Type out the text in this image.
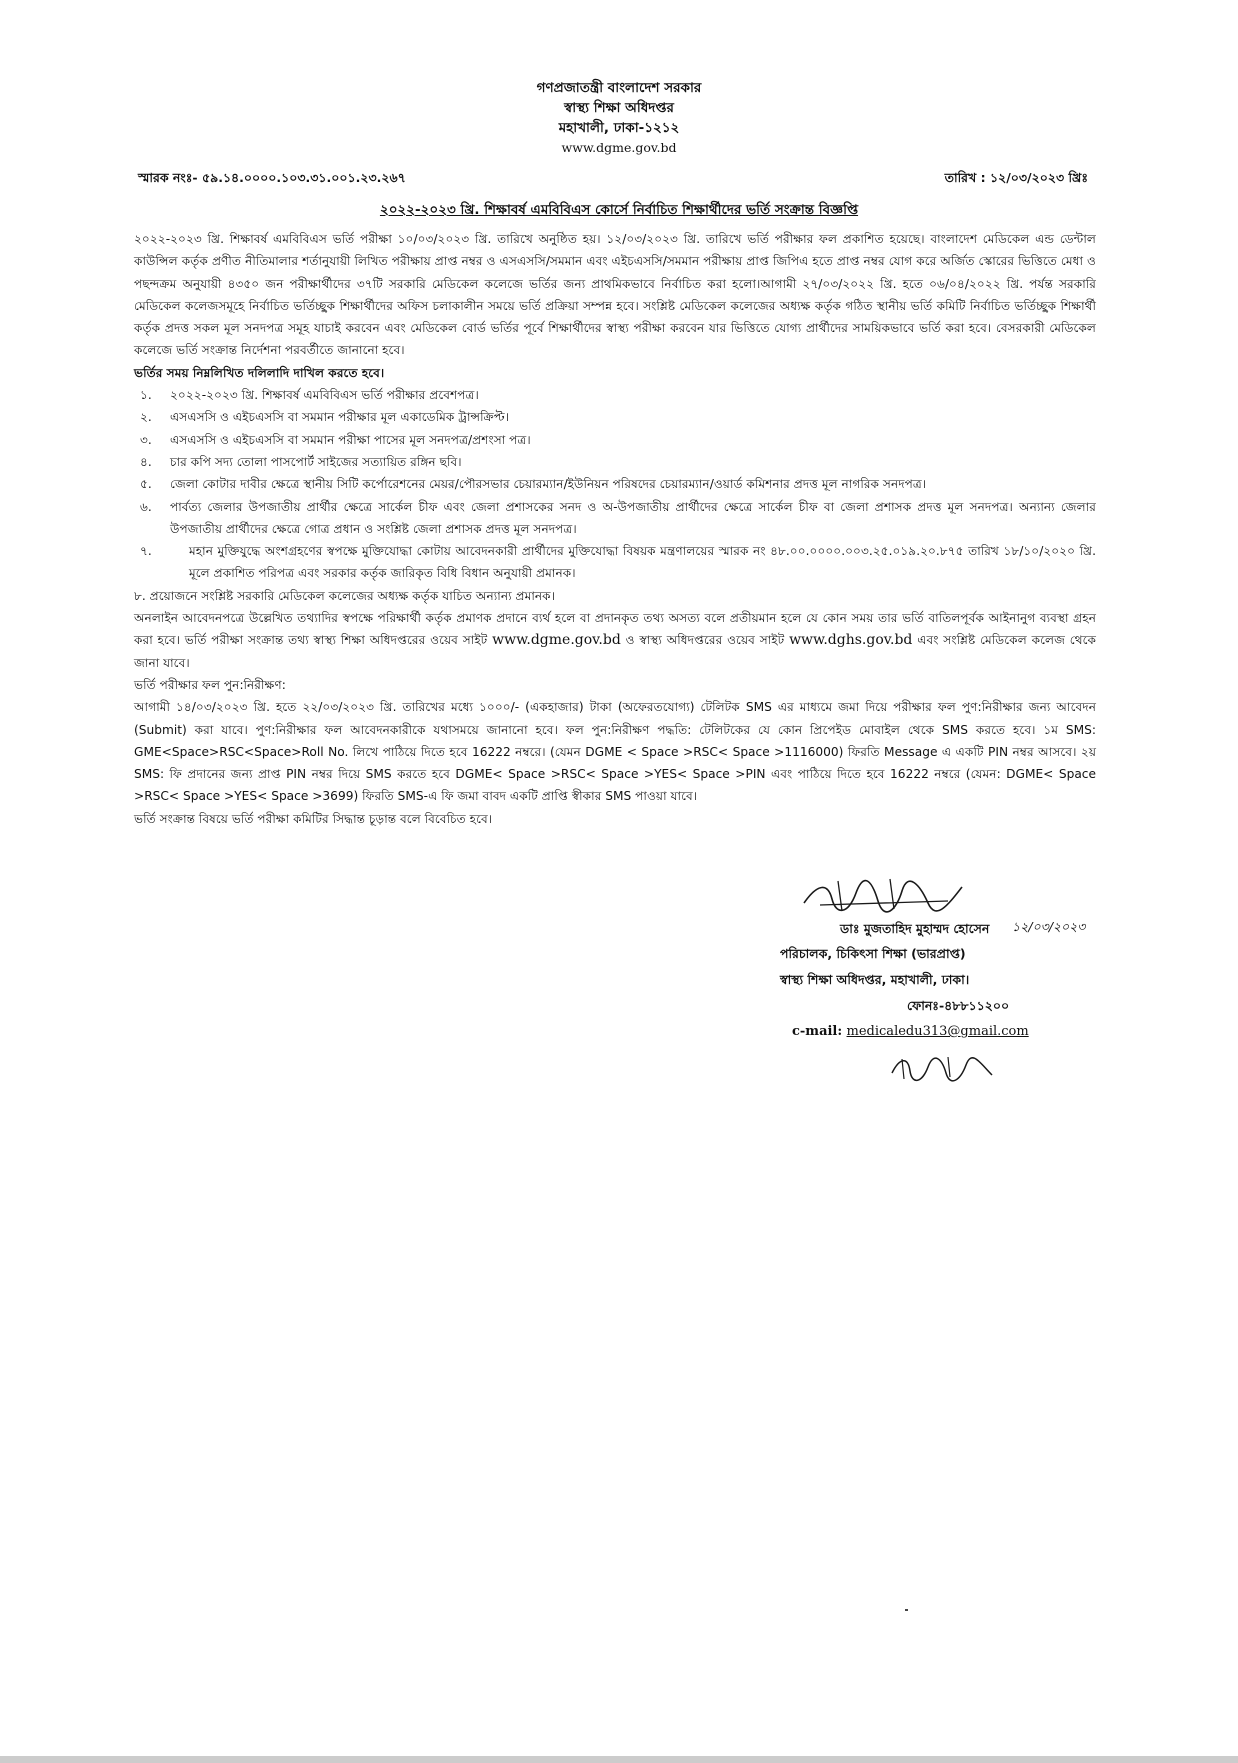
গণপ্রজাতন্ত্রী বাংলাদেশ সরকার
স্বাস্থ্য শিক্ষা অধিদপ্তর
মহাখালী, ঢাকা-১২১২
www.dgme.gov.bd
স্মারক নংঃ- ৫৯.১৪.০০০০.১০৩.৩১.০০১.২৩.২৬৭	তারিখ : ১২/০৩/২০২৩ খ্রিঃ
২০২২-২০২৩ খ্রি. শিক্ষাবর্ষ এমবিবিএস কোর্সে নির্বাচিত শিক্ষার্থীদের ভর্তি সংক্রান্ত বিজ্ঞপ্তি

২০২২-২০২৩ খ্রি. শিক্ষাবর্ষ এমবিবিএস ভর্তি পরীক্ষা ১০/০৩/২০২৩ খ্রি. তারিখে অনুষ্ঠিত হয়। ১২/০৩/২০২৩ খ্রি. তারিখে ভর্তি পরীক্ষার ফল প্রকাশিত হয়েছে। বাংলাদেশ মেডিকেল এন্ড ডেন্টাল কাউন্সিল কর্তৃক প্রণীত নীতিমালার শর্তানুযায়ী লিখিত পরীক্ষায় প্রাপ্ত নম্বর ও এসএসসি/সমমান এবং এইচএসসি/সমমান পরীক্ষায় প্রাপ্ত জিপিএ হতে প্রাপ্ত নম্বর যোগ করে অর্জিত স্কোরের ভিত্তিতে মেধা ও পছন্দক্রম অনুযায়ী ৪৩৫০ জন পরীক্ষার্থীদের ৩৭টি সরকারি মেডিকেল কলেজে ভর্তির জন্য প্রাথমিকভাবে নির্বাচিত করা হলো।আগামী ২৭/০৩/২০২২ খ্রি. হতে ০৬/০৪/২০২২ খ্রি. পর্যন্ত সরকারি মেডিকেল কলেজসমূহে নির্বাচিত ভর্তিচ্ছুক শিক্ষার্থীদের অফিস চলাকালীন সময়ে ভর্তি প্রক্রিয়া সম্পন্ন হবে। সংশ্লিষ্ট মেডিকেল কলেজের অধ্যক্ষ কর্তৃক গঠিত স্থানীয় ভর্তি কমিটি নির্বাচিত ভর্তিচ্ছুক শিক্ষার্থী কর্তৃক প্রদত্ত সকল মূল সনদপত্র সমূহ যাচাই করবেন এবং মেডিকেল বোর্ড ভর্তির পূর্বে শিক্ষার্থীদের স্বাস্থ্য পরীক্ষা করবেন যার ভিত্তিতে যোগ্য প্রার্থীদের সাময়িকভাবে ভর্তি করা হবে। বেসরকারী মেডিকেল কলেজে ভর্তি সংক্রান্ত নির্দেশনা পরবর্তীতে জানানো হবে।

ভর্তির সময় নিম্নলিখিত দলিলাদি দাখিল করতে হবে।

১. ২০২২-২০২৩ খ্রি. শিক্ষাবর্ষ এমবিবিএস ভর্তি পরীক্ষার প্রবেশপত্র।
২. এসএসসি ও এইচএসসি বা সমমান পরীক্ষার মূল একাডেমিক ট্রান্সক্রিপ্ট।
৩. এসএসসি ও এইচএসসি বা সমমান পরীক্ষা পাসের মূল সনদপত্র/প্রশংসা পত্র।
৪. চার কপি সদ্য তোলা পাসপোর্ট সাইজের সত্যায়িত রঙ্গিন ছবি।
৫. জেলা কোটার দাবীর ক্ষেত্রে স্থানীয় সিটি কর্পোরেশনের মেয়র/পৌরসভার চেয়ারম্যান/ইউনিয়ন পরিষদের চেয়ারম্যান/ওয়ার্ড কমিশনার প্রদত্ত মূল নাগরিক সনদপত্র।
৬. পার্বত্য জেলার উপজাতীয় প্রার্থীর ক্ষেত্রে সার্কেল চীফ এবং জেলা প্রশাসকের সনদ ও অ-উপজাতীয় প্রার্থীদের ক্ষেত্রে সার্কেল চীফ বা জেলা প্রশাসক প্রদত্ত মূল সনদপত্র। অন্যান্য জেলার উপজাতীয় প্রার্থীদের ক্ষেত্রে গোত্র প্রধান ও সংশ্লিষ্ট জেলা প্রশাসক প্রদত্ত মূল সনদপত্র।
৭.	মহান মুক্তিযুদ্ধে অংশগ্রহণের স্বপক্ষে মুক্তিযোদ্ধা কোটায় আবেদনকারী প্রার্থীদের মুক্তিযোদ্ধা বিষয়ক মন্ত্রণালয়ের স্মারক নং ৪৮.০০.০০০০.০০৩.২৫.০১৯.২০.৮৭৫ তারিখ ১৮/১০/২০২০ খ্রি. মূলে প্রকাশিত পরিপত্র এবং সরকার কর্তৃক জারিকৃত বিধি বিধান অনুযায়ী প্রমানক।

৮. প্রয়োজনে সংশ্লিষ্ট সরকারি মেডিকেল কলেজের অধ্যক্ষ কর্তৃক যাচিত অন্যান্য প্রমানক।

অনলাইন আবেদনপত্রে উল্লেখিত তথ্যাদির স্বপক্ষে পরিক্ষার্থী কর্তৃক প্রমাণক প্রদানে ব্যর্থ হলে বা প্রদানকৃত তথ্য অসত্য বলে প্রতীয়মান হলে যে কোন সময় তার ভর্তি বাতিলপূর্বক আইনানুগ ব্যবস্থা গ্রহন করা হবে। ভর্তি পরীক্ষা সংক্রান্ত তথ্য স্বাস্থ্য শিক্ষা অধিদপ্তরের ওয়েব সাইট www.dgme.gov.bd ও স্বাস্থ্য অধিদপ্তরের ওয়েব সাইট www.dghs.gov.bd এবং সংশ্লিষ্ট মেডিকেল কলেজ থেকে জানা যাবে।

ভর্তি পরীক্ষার ফল পুন:নিরীক্ষণ:

আগামী ১৪/০৩/২০২৩ খ্রি. হতে ২২/০৩/২০২৩ খ্রি. তারিখের মধ্যে ১০০০/- (একহাজার) টাকা (অফেরতযোগ্য) টেলিটক SMS এর মাধ্যমে জমা দিয়ে পরীক্ষার ফল পুণ:নিরীক্ষার জন্য আবেদন (Submit) করা যাবে। পুণ:নিরীক্ষার ফল আবেদনকারীকে যথাসময়ে জানানো হবে। ফল পুন:নিরীক্ষণ পদ্ধতি: টেলিটকের যে কোন প্রিপেইড মোবাইল থেকে SMS করতে হবে। ১ম SMS: GME<Space>RSC<Space>Roll No. লিখে পাঠিয়ে দিতে হবে 16222 নম্বরে। (যেমন DGME < Space >RSC< Space >1116000) ফিরতি Message এ একটি PIN নম্বর আসবে। ২য় SMS: ফি প্রদানের জন্য প্রাপ্ত PIN নম্বর দিয়ে SMS করতে হবে DGME< Space >RSC< Space >YES< Space >PIN এবং পাঠিয়ে দিতে হবে 16222 নম্বরে (যেমন: DGME< Space >RSC< Space >YES< Space >3699) ফিরতি SMS-এ ফি জমা বাবদ একটি প্রাপ্তি স্বীকার SMS পাওয়া যাবে।

ভর্তি সংক্রান্ত বিষয়ে ভর্তি পরীক্ষা কমিটির সিদ্ধান্ত চূড়ান্ত বলে বিবেচিত হবে।

ডাঃ মুজতাহিদ মুহাম্মদ হোসেন ১২/০৩/২০২৩
পরিচালক, চিকিৎসা শিক্ষা (ভারপ্রাপ্ত)
স্বাস্থ্য শিক্ষা অধিদপ্তর, মহাখালী, ঢাকা।
ফোনঃ-৪৮৮১১২০০
c-mail: medicaledu313@gmail.com
